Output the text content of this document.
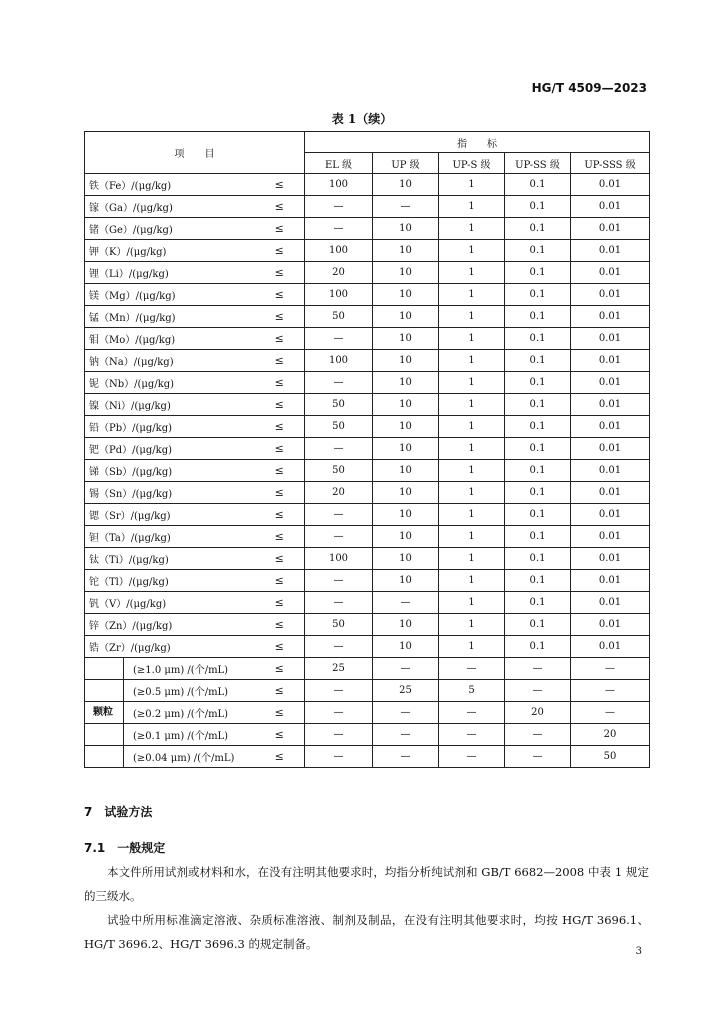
HG/T 4509—2023
表 1（续）
项　　目		指　　标				
		EL 级	UP 级	UP-S 级	UP-SS 级	UP-SSS 级
铁（Fe）/(μg/kg)	≤	100	10	1	0.1	0.01
镓（Ga）/(μg/kg)	≤	—	—	1	0.1	0.01
锗（Ge）/(μg/kg)	≤	—	10	1	0.1	0.01
钾（K）/(μg/kg)	≤	100	10	1	0.1	0.01
锂（Li）/(μg/kg)	≤	20	10	1	0.1	0.01
镁（Mg）/(μg/kg)	≤	100	10	1	0.1	0.01
锰（Mn）/(μg/kg)	≤	50	10	1	0.1	0.01
钼（Mo）/(μg/kg)	≤	—	10	1	0.1	0.01
钠（Na）/(μg/kg)	≤	100	10	1	0.1	0.01
铌（Nb）/(μg/kg)	≤	—	10	1	0.1	0.01
镍（Ni）/(μg/kg)	≤	50	10	1	0.1	0.01
铅（Pb）/(μg/kg)	≤	50	10	1	0.1	0.01
钯（Pd）/(μg/kg)	≤	—	10	1	0.1	0.01
锑（Sb）/(μg/kg)	≤	50	10	1	0.1	0.01
锡（Sn）/(μg/kg)	≤	20	10	1	0.1	0.01
锶（Sr）/(μg/kg)	≤	—	10	1	0.1	0.01
钽（Ta）/(μg/kg)	≤	—	10	1	0.1	0.01
钛（Ti）/(μg/kg)	≤	100	10	1	0.1	0.01
铊（Tl）/(μg/kg)	≤	—	10	1	0.1	0.01
钒（V）/(μg/kg)	≤	—	—	1	0.1	0.01
锌（Zn）/(μg/kg)	≤	50	10	1	0.1	0.01
锆（Zr）/(μg/kg)	≤	—	10	1	0.1	0.01
(≥1.0 μm) /(个/mL)	≤	25	—	—	—	—
(≥0.5 μm) /(个/mL)	≤	—	25	5	—	—
(≥0.2 μm) /(个/mL)	≤	—	—	—	20	—
(≥0.1 μm) /(个/mL)	≤	—	—	—	—	20
(≥0.04 μm) /(个/mL)	≤	—	—	—	—	50
7　试验方法
7.1　一般规定
本文件所用试剂或材料和水，在没有注明其他要求时，均指分析纯试剂和 GB/T 6682—2008 中表 1 规定的三级水。
试验中所用标准滴定溶液、杂质标准溶液、制剂及制品，在没有注明其他要求时，均按 HG/T 3696.1、HG/T 3696.2、HG/T 3696.3 的规定制备。
3
